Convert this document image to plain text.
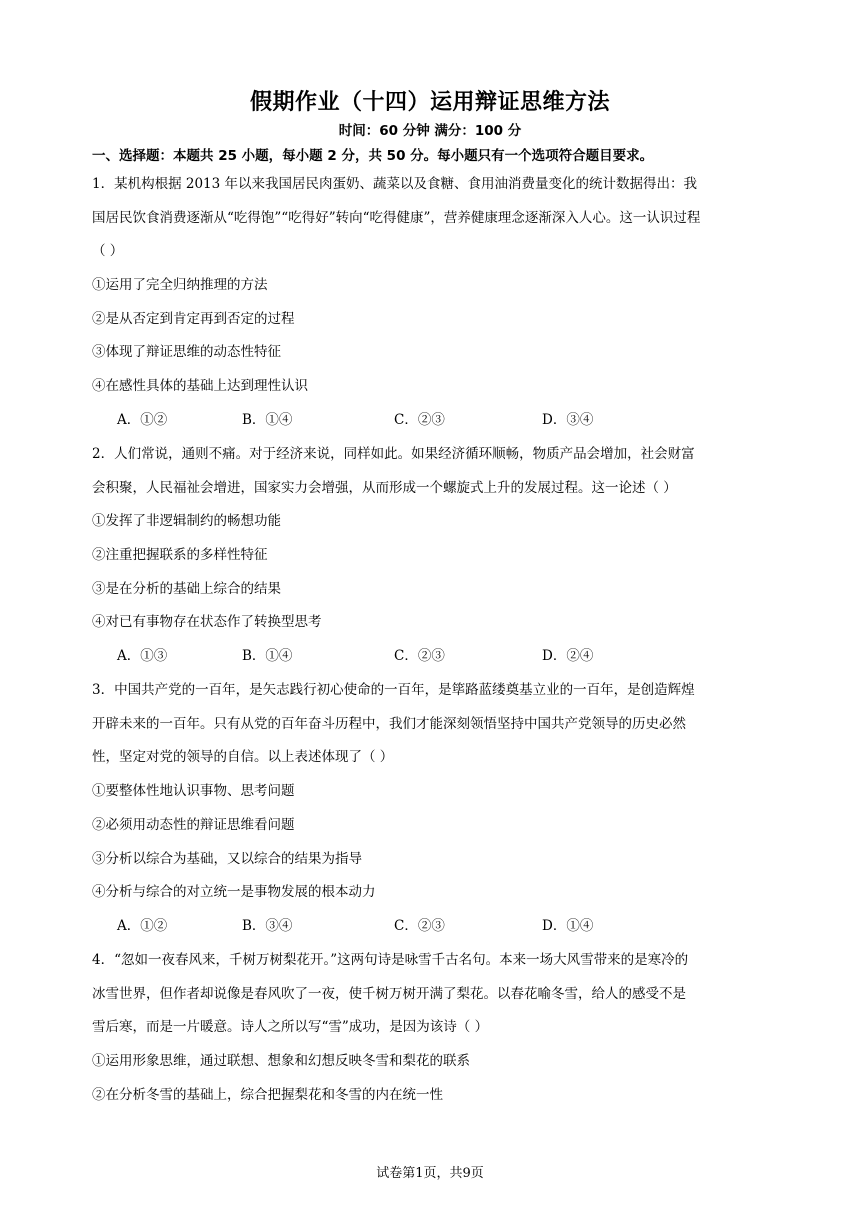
假期作业（十四）运用辩证思维方法
时间：60 分钟 满分：100 分
一、选择题：本题共 25 小题，每小题 2 分，共 50 分。每小题只有一个选项符合题目要求。
1．某机构根据 2013 年以来我国居民肉蛋奶、蔬菜以及食糖、食用油消费量变化的统计数据得出：我
国居民饮食消费逐渐从“吃得饱”“吃得好”转向“吃得健康”，营养健康理念逐渐深入人心。这一认识过程
（ ）
①运用了完全归纳推理的方法
②是从否定到肯定再到否定的过程
③体现了辩证思维的动态性特征
④在感性具体的基础上达到理性认识
A．①②	B．①④	C．②③	D．③④
2．人们常说，通则不痛。对于经济来说，同样如此。如果经济循环顺畅，物质产品会增加，社会财富
会积聚，人民福祉会增进，国家实力会增强，从而形成一个螺旋式上升的发展过程。这一论述（ ）
①发挥了非逻辑制约的畅想功能
②注重把握联系的多样性特征
③是在分析的基础上综合的结果
④对已有事物存在状态作了转换型思考
A．①③	B．①④	C．②③	D．②④
3．中国共产党的一百年，是矢志践行初心使命的一百年，是筚路蓝缕奠基立业的一百年，是创造辉煌
开辟未来的一百年。只有从党的百年奋斗历程中，我们才能深刻领悟坚持中国共产党领导的历史必然
性，坚定对党的领导的自信。以上表述体现了（ ）
①要整体性地认识事物、思考问题
②必须用动态性的辩证思维看问题
③分析以综合为基础，又以综合的结果为指导
④分析与综合的对立统一是事物发展的根本动力
A．①②	B．③④	C．②③	D．①④
4．“忽如一夜春风来，千树万树梨花开。”这两句诗是咏雪千古名句。本来一场大风雪带来的是寒冷的
冰雪世界，但作者却说像是春风吹了一夜，使千树万树开满了梨花。以春花喻冬雪，给人的感受不是
雪后寒，而是一片暖意。诗人之所以写“雪”成功，是因为该诗（ ）
①运用形象思维，通过联想、想象和幻想反映冬雪和梨花的联系
②在分析冬雪的基础上，综合把握梨花和冬雪的内在统一性
试卷第1页，共9页
